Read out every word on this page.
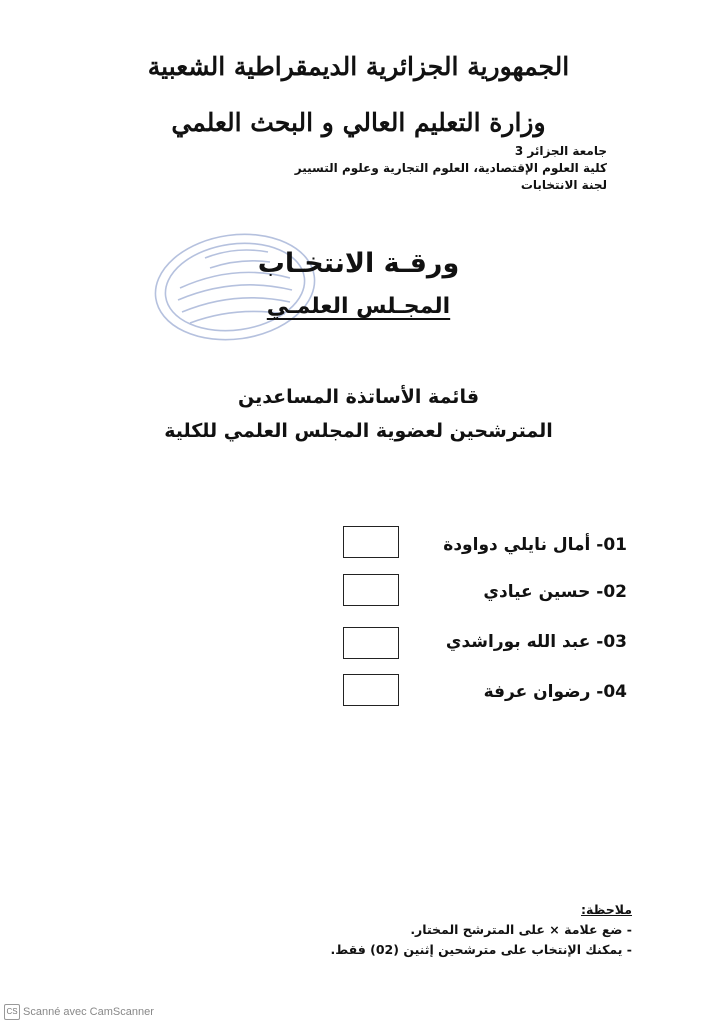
الجمهورية الجزائرية الديمقراطية الشعبية
وزارة التعليم العالي و البحث العلمي
جامعة الجزائر 3
كلية العلوم الإقتصادية، العلوم التجارية وعلوم التسيير
لجنة الانتخابات
ورقـة الانتخـاب
المجـلس العلمـي
قائمة الأساتذة المساعدين
المترشحين لعضوية المجلس العلمي للكلية
01- أمال نايلي دواودة
02- حسين عيادي
03- عبد الله بوراشدي
04- رضوان عرفة
ملاحظة:
- ضع علامة × على المترشح المختار.
- يمكنك الإنتخاب على مترشحين إثنين (02) فقط.
CS Scanné avec CamScanner
